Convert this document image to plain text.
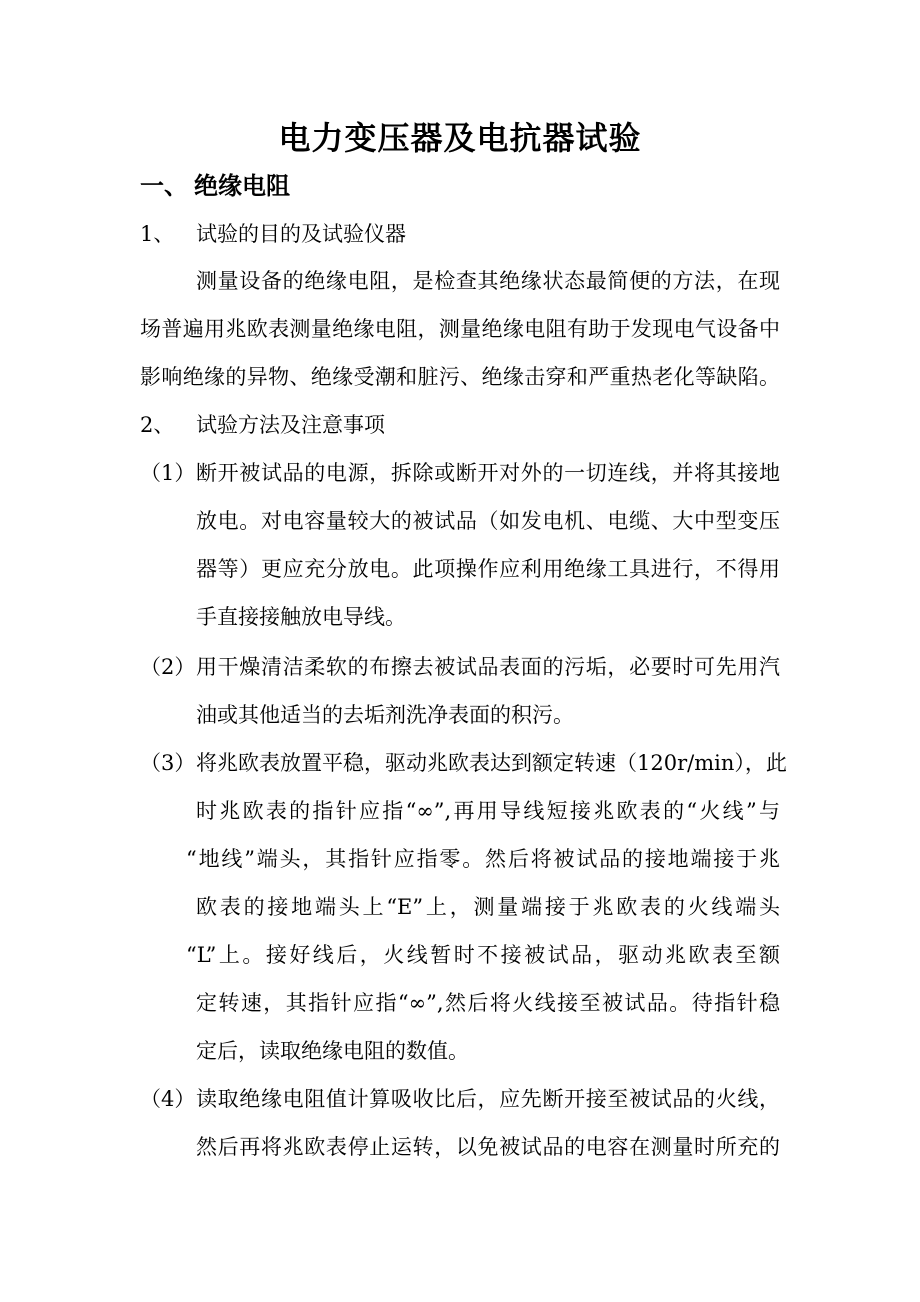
电力变压器及电抗器试验
一、 绝缘电阻
1、 试验的目的及试验仪器
测量设备的绝缘电阻，是检查其绝缘状态最简便的方法，在现
场普遍用兆欧表测量绝缘电阻，测量绝缘电阻有助于发现电气设备中
影响绝缘的异物、绝缘受潮和脏污、绝缘击穿和严重热老化等缺陷。
2、 试验方法及注意事项
（1） 断开被试品的电源，拆除或断开对外的一切连线，并将其接地
放电。对电容量较大的被试品（如发电机、电缆、大中型变压
器等）更应充分放电。此项操作应利用绝缘工具进行，不得用
手直接接触放电导线。
（2） 用干燥清洁柔软的布擦去被试品表面的污垢，必要时可先用汽
油或其他适当的去垢剂洗净表面的积污。
（3） 将兆欧表放置平稳，驱动兆欧表达到额定转速（120r/min），此
时兆欧表的指针应指“∞”,再用导线短接兆欧表的“火线”与
“地线”端头，其指针应指零。然后将被试品的接地端接于兆
欧表的接地端头上“E”上，测量端接于兆欧表的火线端头
“L”上。接好线后，火线暂时不接被试品，驱动兆欧表至额
定转速，其指针应指“∞”,然后将火线接至被试品。待指针稳
定后，读取绝缘电阻的数值。
（4） 读取绝缘电阻值计算吸收比后，应先断开接至被试品的火线，
然后再将兆欧表停止运转，以免被试品的电容在测量时所充的
